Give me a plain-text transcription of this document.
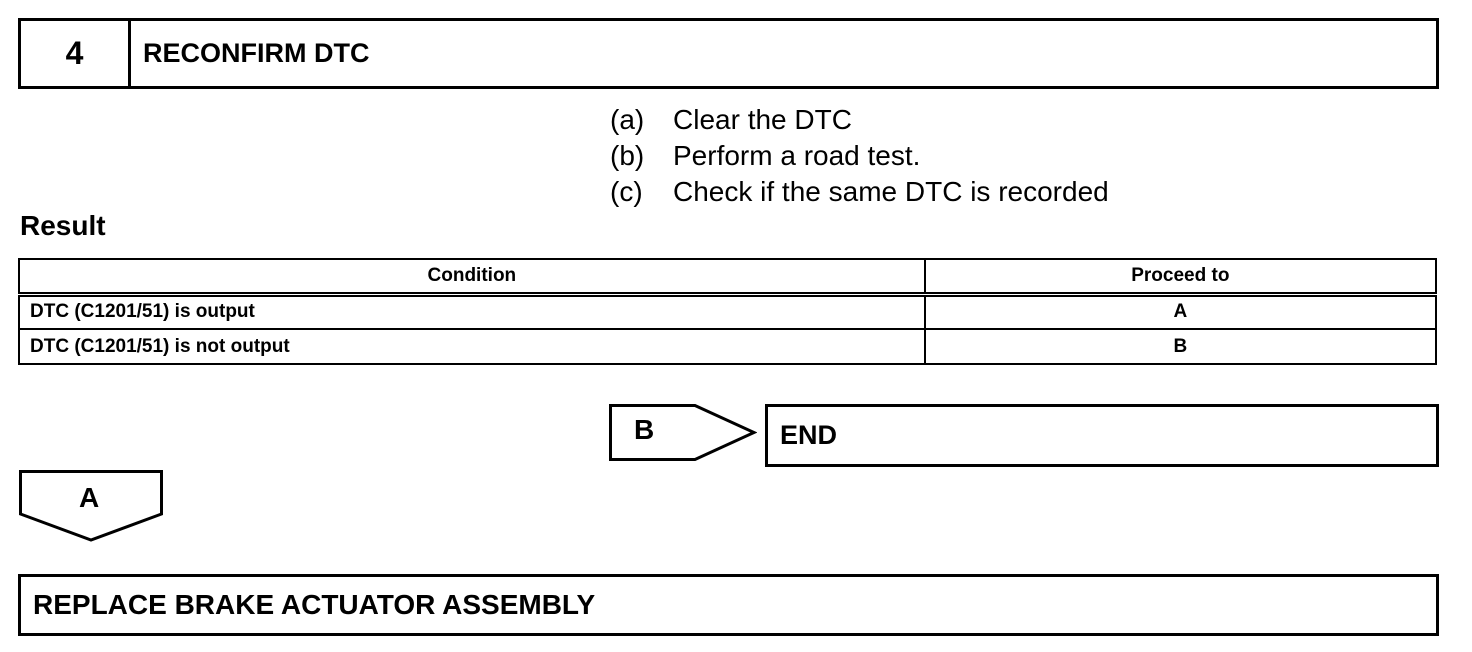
4	RECONFIRM DTC
(a) Clear the DTC
(b) Perform a road test.
(c) Check if the same DTC is recorded
Result
Condition	Proceed to
DTC (C1201/51) is output	A
DTC (C1201/51) is not output	B
B	END
A
REPLACE BRAKE ACTUATOR ASSEMBLY
